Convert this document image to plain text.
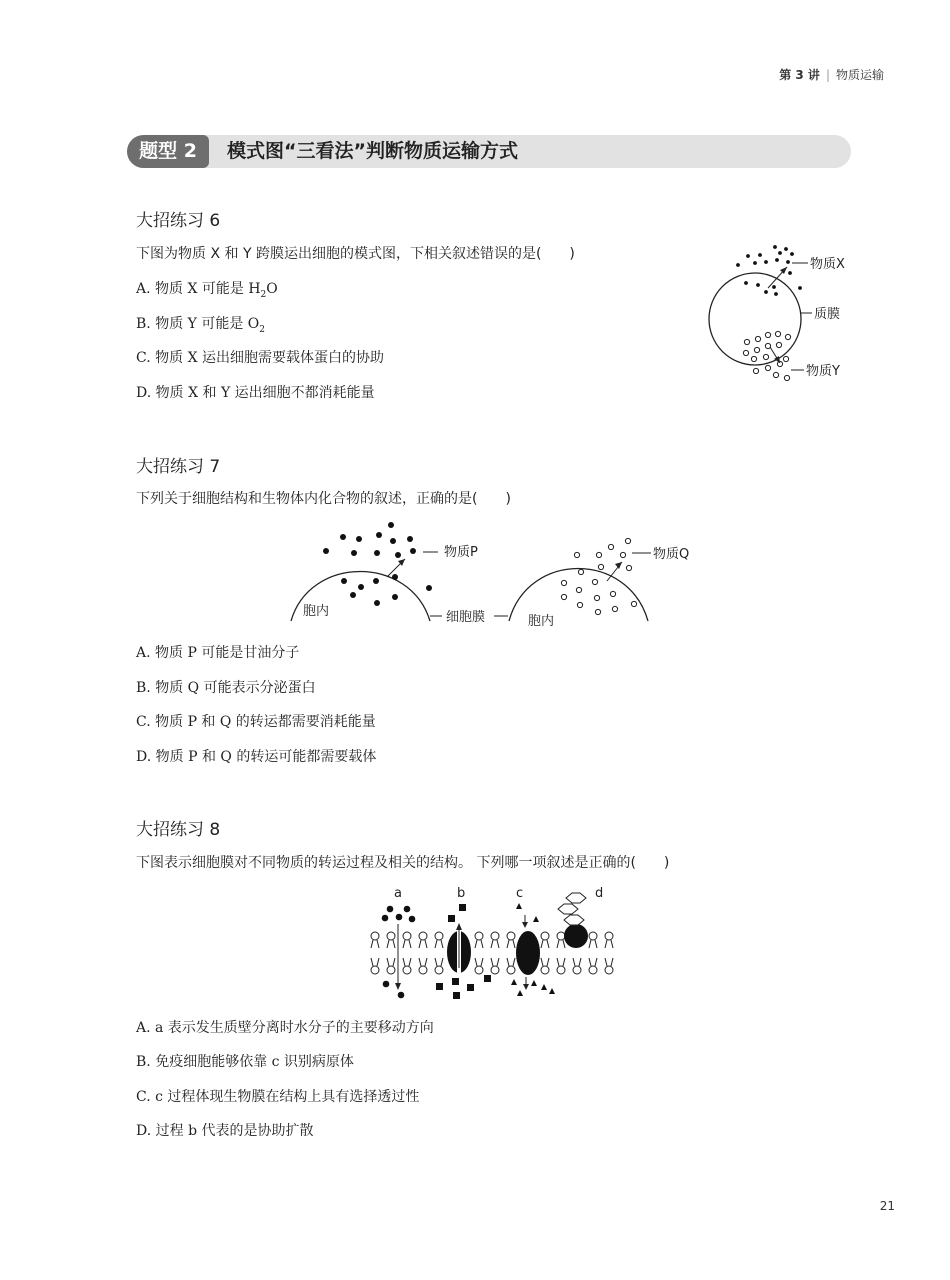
第 3 讲 | 物质运输
题型 2	模式图“三看法”判断物质运输方式
大招练习 6
下图为物质 X 和 Y 跨膜运出细胞的模式图，下相关叙述错误的是(　　)
A. 物质 X 可能是 $H_2O$
B. 物质 Y 可能是 $O_2$
C. 物质 X 运出细胞需要载体蛋白的协助
D. 物质 X 和 Y 运出细胞不都消耗能量
物质X
质膜
物质Y
大招练习 7
下列关于细胞结构和生物体内化合物的叙述，正确的是(　　)
物质P
胞内	细胞膜
物质Q
胞内
A. 物质 P 可能是甘油分子
B. 物质 Q 可能表示分泌蛋白
C. 物质 P 和 Q 的转运都需要消耗能量
D. 物质 P 和 Q 的转运可能都需要载体
大招练习 8
下图表示细胞膜对不同物质的转运过程及相关的结构。 下列哪一项叙述是正确的(　　)
a	b	c	d
A. a 表示发生质壁分离时水分子的主要移动方向
B. 免疫细胞能够依靠 c 识别病原体
C. c 过程体现生物膜在结构上具有选择透过性
D. 过程 b 代表的是协助扩散
21
